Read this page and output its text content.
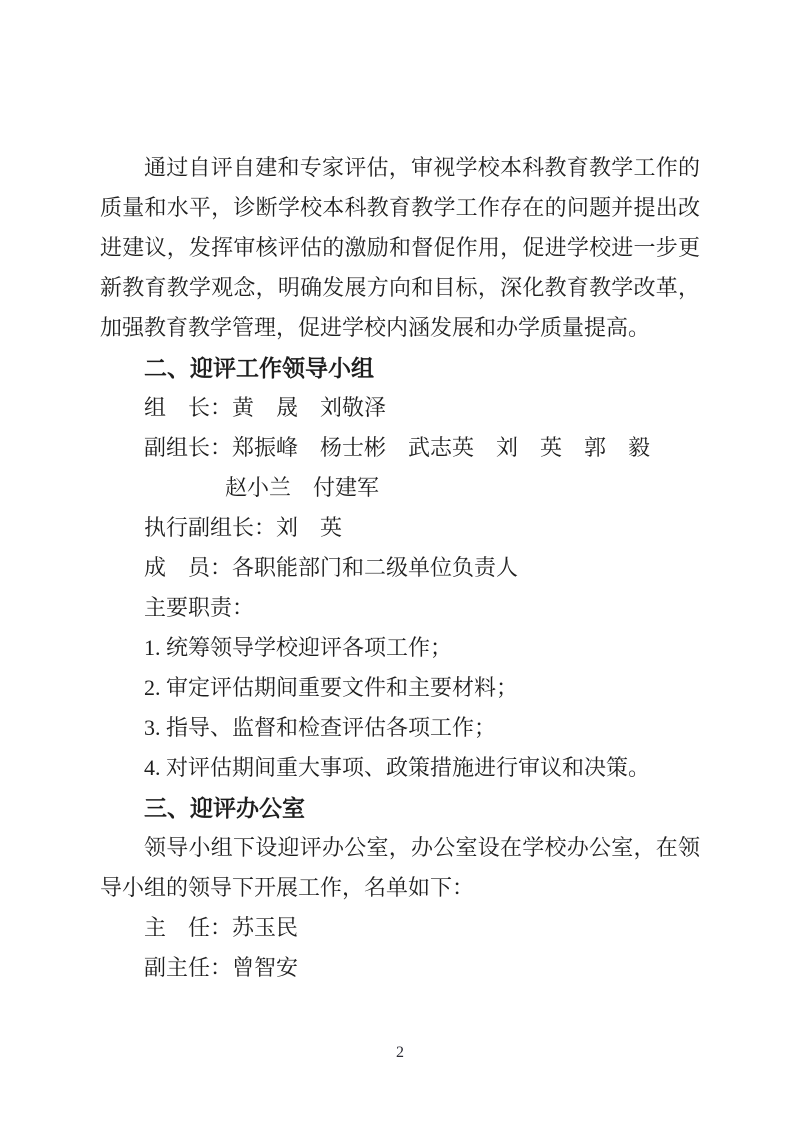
通过自评自建和专家评估，审视学校本科教育教学工作的
质量和水平，诊断学校本科教育教学工作存在的问题并提出改
进建议，发挥审核评估的激励和督促作用，促进学校进一步更
新教育教学观念，明确发展方向和目标，深化教育教学改革，
加强教育教学管理，促进学校内涵发展和办学质量提高。
二、迎评工作领导小组
组　长：黄　晟　刘敬泽
副组长：郑振峰　杨士彬　武志英　刘　英　郭　毅
赵小兰　付建军
执行副组长：刘　英
成　员：各职能部门和二级单位负责人
主要职责：
1. 统筹领导学校迎评各项工作；
2. 审定评估期间重要文件和主要材料；
3. 指导、监督和检查评估各项工作；
4. 对评估期间重大事项、政策措施进行审议和决策。
三、迎评办公室
领导小组下设迎评办公室，办公室设在学校办公室，在领
导小组的领导下开展工作，名单如下：
主　任：苏玉民
副主任：曾智安
2
